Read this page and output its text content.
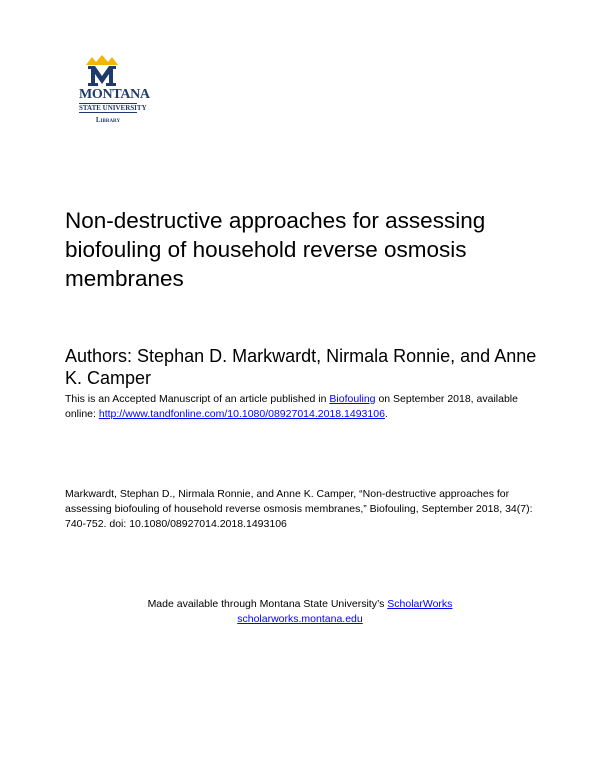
MONTANA
STATE UNIVERSITY
Library
Non-destructive approaches for assessing biofouling of household reverse osmosis membranes

Authors: Stephan D. Markwardt, Nirmala Ronnie, and Anne K. Camper

This is an Accepted Manuscript of an article published in Biofouling on September 2018, available online: http://www.tandfonline.com/10.1080/08927014.2018.1493106.

Markwardt, Stephan D., Nirmala Ronnie, and Anne K. Camper, “Non-destructive approaches for assessing biofouling of household reverse osmosis membranes,” Biofouling, September 2018, 34(7): 740-752. doi: 10.1080/08927014.2018.1493106

Made available through Montana State University’s ScholarWorks
scholarworks.montana.edu
